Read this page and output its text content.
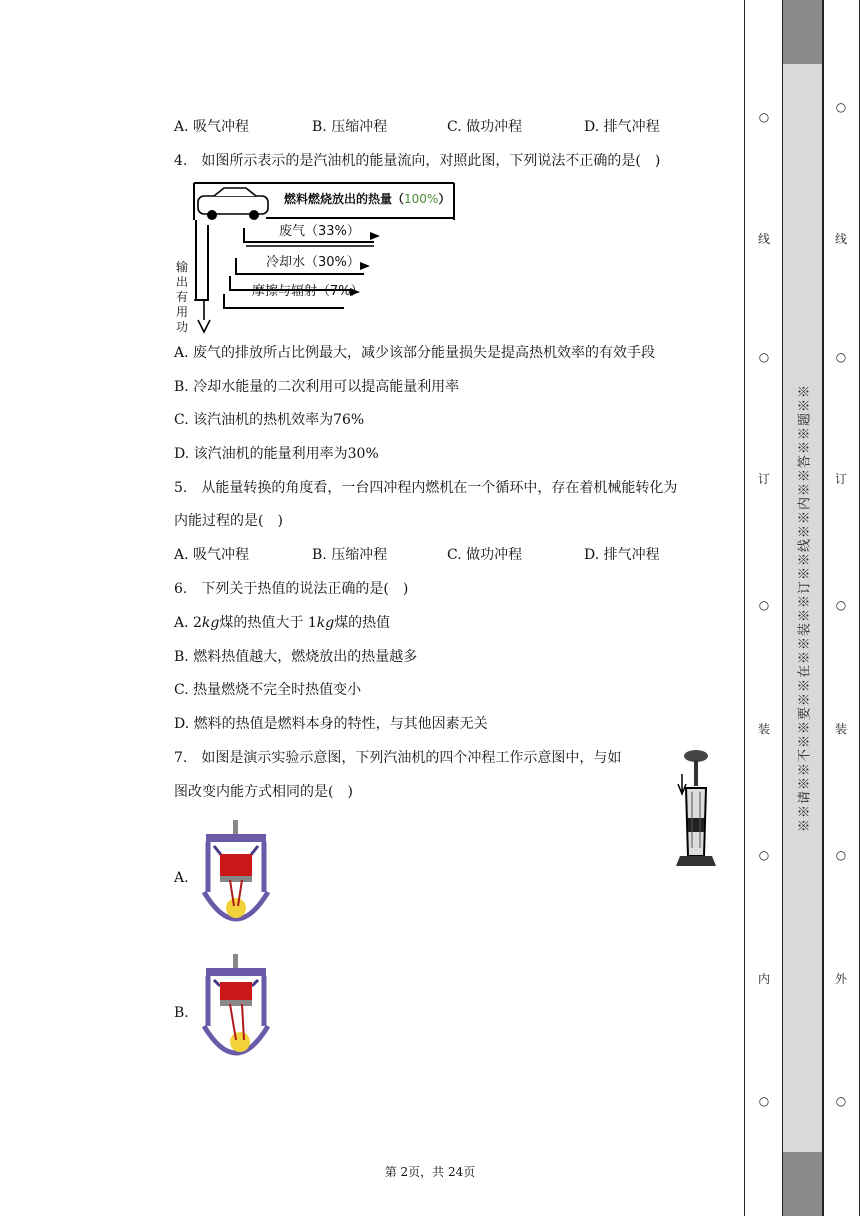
A. 吸气冲程	B. 压缩冲程	C. 做功冲程	D. 排气冲程
4.　如图所示表示的是汽油机的能量流向，对照此图，下列说法不正确的是(　)
燃料燃烧放出的热量（100%）
废气（33%）
冷却水（30%）
摩擦与辐射（7%）
输
出
有
用
功
A. 废气的排放所占比例最大，减少该部分能量损失是提高热机效率的有效手段
B. 冷却水能量的二次利用可以提高能量利用率
C. 该汽油机的热机效率为76%
D. 该汽油机的能量利用率为30%
5.　从能量转换的角度看，一台四冲程内燃机在一个循环中，存在着机械能转化为
内能过程的是(　)
A. 吸气冲程	B. 压缩冲程	C. 做功冲程	D. 排气冲程
6.　下列关于热值的说法正确的是(　)
A. 2kg煤的热值大于 1kg煤的热值
B. 燃料热值越大，燃烧放出的热量越多
C. 热量燃烧不完全时热值变小
D. 燃料的热值是燃料本身的特性，与其他因素无关
7.　如图是演示实验示意图，下列汽油机的四个冲程工作示意图中，与如
图改变内能方式相同的是(　)
A.
B.
第 2页，共 24页
○
线
○
订
○
装
○
内
○
※※请※※不※※要※※在※※装※※订※※线※※内※※答※※题※※
○
线
○
订
○
装
○
外
○
